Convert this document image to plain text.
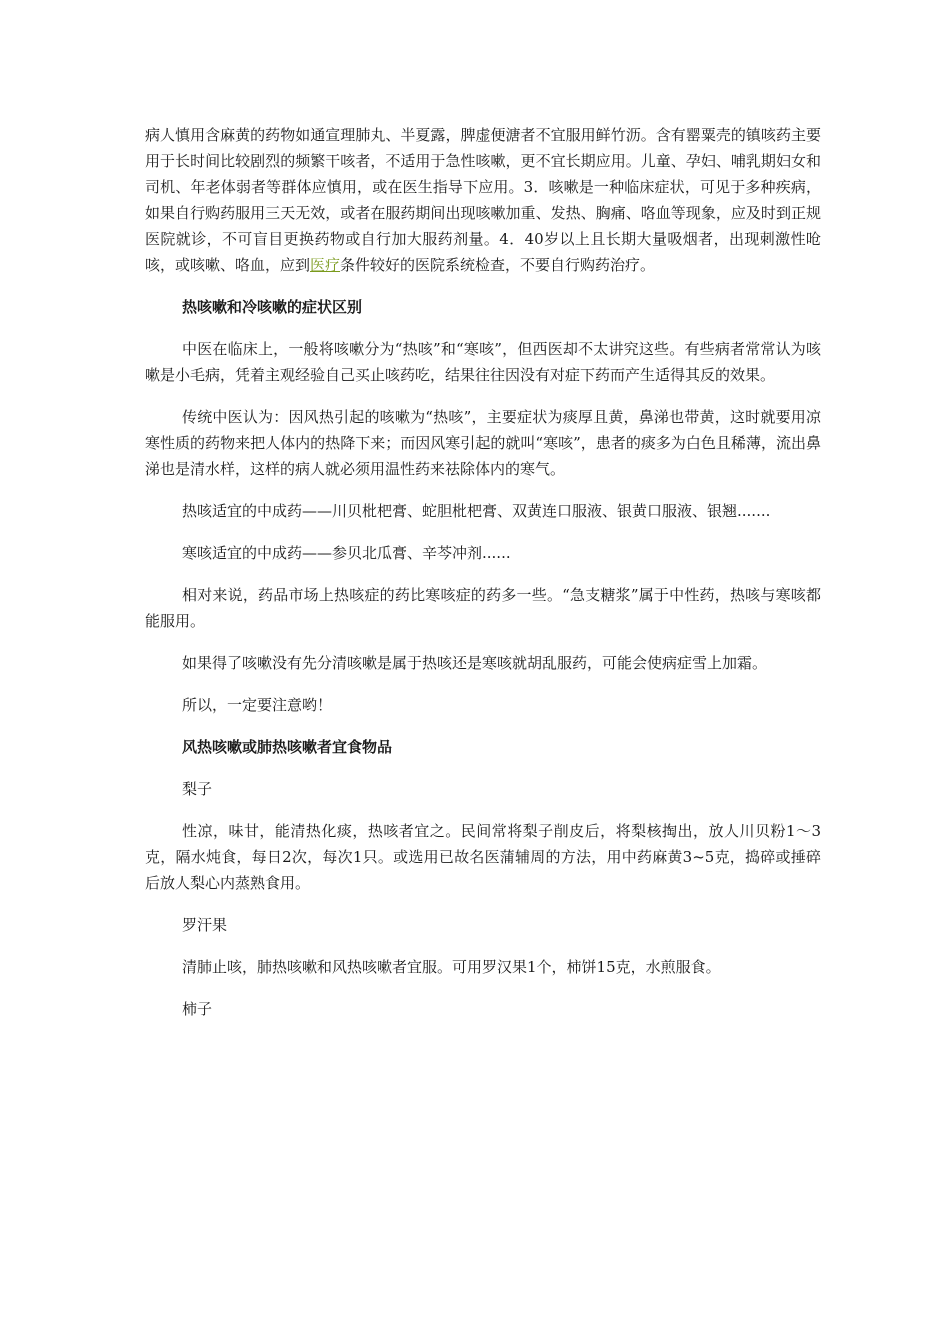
病人慎用含麻黄的药物如通宣理肺丸、半夏露，脾虚便溏者不宜服用鲜竹沥。含有罂粟壳的镇咳药主要用于长时间比较剧烈的频繁干咳者，不适用于急性咳嗽，更不宜长期应用。儿童、孕妇、哺乳期妇女和司机、年老体弱者等群体应慎用，或在医生指导下应用。3．咳嗽是一种临床症状，可见于多种疾病，如果自行购药服用三天无效，或者在服药期间出现咳嗽加重、发热、胸痛、咯血等现象，应及时到正规医院就诊，不可盲目更换药物或自行加大服药剂量。4．40岁以上且长期大量吸烟者，出现刺激性呛咳，或咳嗽、咯血，应到医疗条件较好的医院系统检查，不要自行购药治疗。

热咳嗽和冷咳嗽的症状区别

中医在临床上，一般将咳嗽分为“热咳”和“寒咳”，但西医却不太讲究这些。有些病者常常认为咳嗽是小毛病，凭着主观经验自己买止咳药吃，结果往往因没有对症下药而产生适得其反的效果。

传统中医认为：因风热引起的咳嗽为“热咳”，主要症状为痰厚且黄，鼻涕也带黄，这时就要用凉寒性质的药物来把人体内的热降下来；而因风寒引起的就叫“寒咳”，患者的痰多为白色且稀薄，流出鼻涕也是清水样，这样的病人就必须用温性药来祛除体内的寒气。

热咳适宜的中成药——川贝枇杷膏、蛇胆枇杷膏、双黄连口服液、银黄口服液、银翘.......

寒咳适宜的中成药——参贝北瓜膏、辛芩冲剂......

相对来说，药品市场上热咳症的药比寒咳症的药多一些。“急支糖浆”属于中性药，热咳与寒咳都能服用。

如果得了咳嗽没有先分清咳嗽是属于热咳还是寒咳就胡乱服药，可能会使病症雪上加霜。

所以，一定要注意哟！

风热咳嗽或肺热咳嗽者宜食物品

梨子

性凉，味甘，能清热化痰，热咳者宜之。民间常将梨子削皮后，将梨核掏出，放人川贝粉1～3克，隔水炖食，每日2次，每次1只。或选用已故名医蒲辅周的方法，用中药麻黄3~5克，捣碎或捶碎后放人梨心内蒸熟食用。

罗汗果

清肺止咳，肺热咳嗽和风热咳嗽者宜服。可用罗汉果1个，柿饼15克，水煎服食。

柿子
